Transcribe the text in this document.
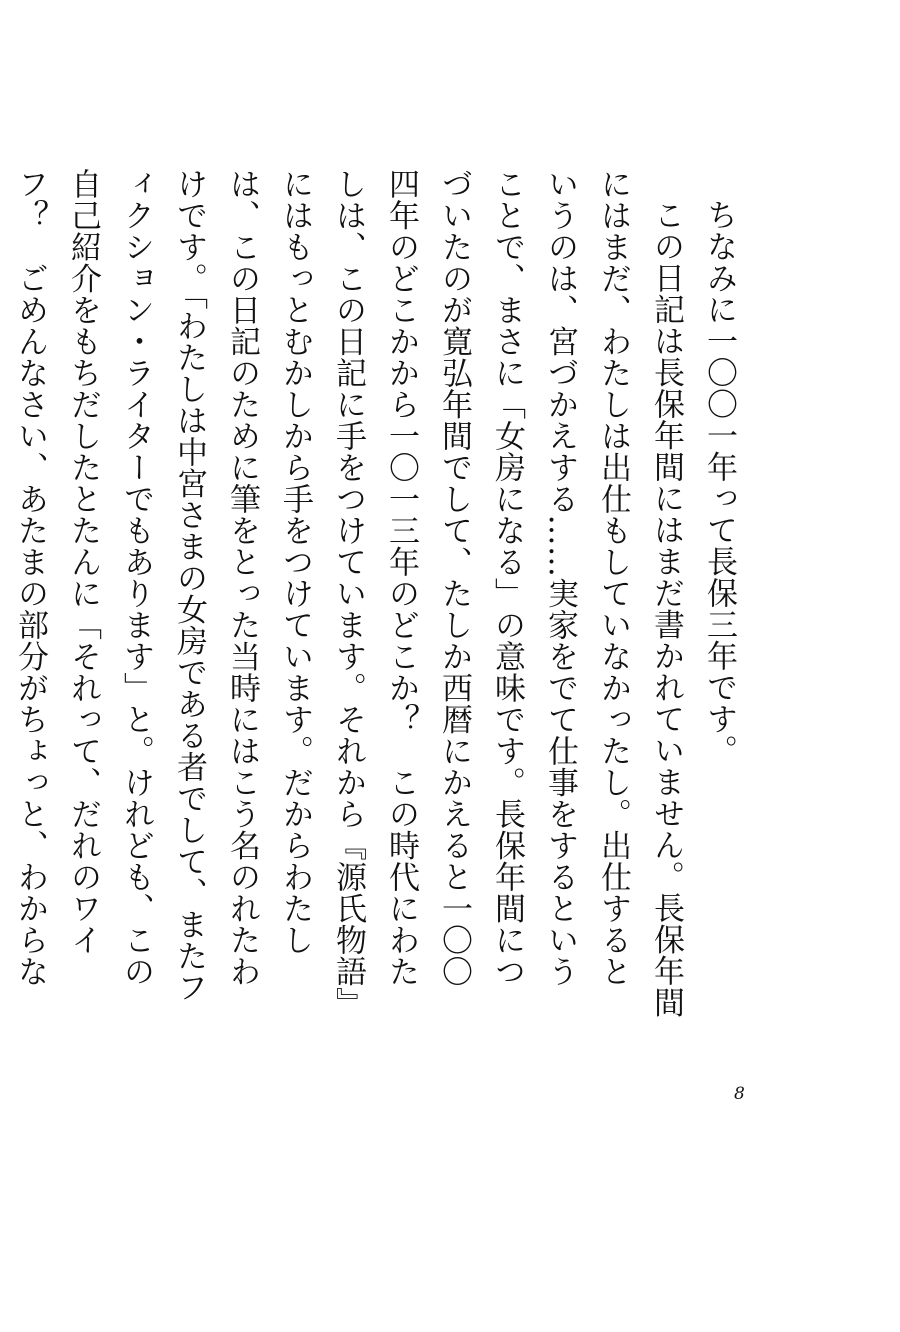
ちなみに一〇〇一年って長保三年です。

この日記は長保年間にはまだ書かれていません。長保年間にはまだ、わたしは出仕もしていなかったし。出仕するというのは、宮づかえする……実家をでて仕事をするということで、まさに「女房になる」の意味です。長保年間につづいたのが寛弘年間でして、たしか西暦にかえると一〇〇四年のどこかから一〇一三年のどこか？　この時代にわたしは、この日記に手をつけています。それから『源氏物語』にはもっとむかしから手をつけています。だからわたしは、この日記のために筆をとった当時にはこう名のれたわけです。「わたしは中宮さまの女房である者でして、またフィクション・ライターでもあります」と。けれども、この自己紹介をもちだしたとたんに「それって、だれのワイフ？　ごめんなさい、あたまの部分がちょっと、わからな　

8
